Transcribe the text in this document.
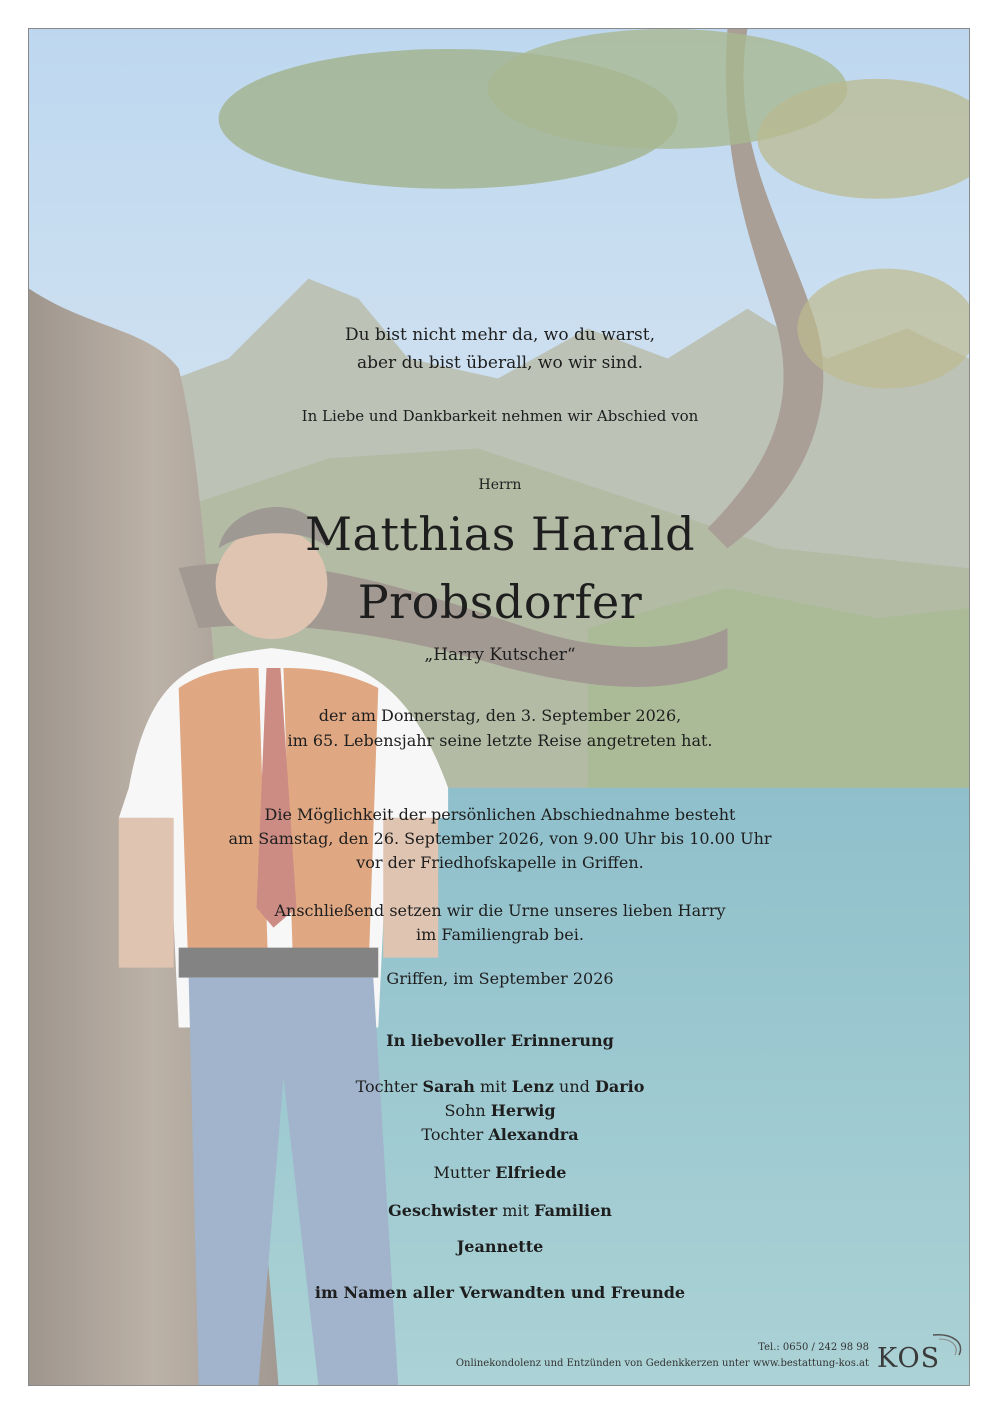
Du bist nicht mehr da, wo du warst,
aber du bist überall, wo wir sind.
In Liebe und Dankbarkeit nehmen wir Abschied von
Herrn
Matthias Harald
Probsdorfer
„Harry Kutscher“
der am Donnerstag, den 3. September 2026,
im 65. Lebensjahr seine letzte Reise angetreten hat.
Die Möglichkeit der persönlichen Abschiednahme besteht
am Samstag, den 26. September 2026, von 9.00 Uhr bis 10.00 Uhr
vor der Friedhofskapelle in Griffen.
Anschließend setzen wir die Urne unseres lieben Harry
im Familiengrab bei.
Griffen, im September 2026
In liebevoller Erinnerung
Tochter Sarah mit Lenz und Dario
Sohn Herwig
Tochter Alexandra
Mutter Elfriede
Geschwister mit Familien
Jeannette
im Namen aller Verwandten und Freunde
Tel.: 0650 / 242 98 98
Onlinekondolenz und Entzünden von Gedenkkerzen unter www.bestattung-kos.at KOS
